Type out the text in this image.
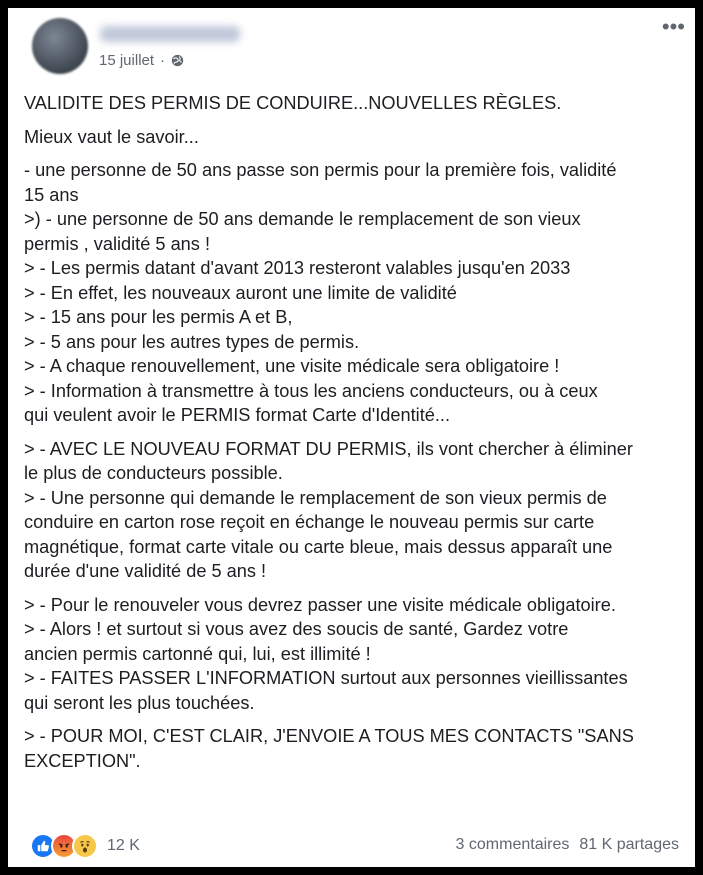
15 juillet ·
•••

VALIDITE DES PERMIS DE CONDUIRE...NOUVELLES RÈGLES.

Mieux vaut le savoir...

- une personne de 50 ans passe son permis pour la première fois, validité
15 ans
>) - une personne de 50 ans demande le remplacement de son vieux
permis , validité 5 ans !
> - Les permis datant d'avant 2013 resteront valables jusqu'en 2033
> - En effet, les nouveaux auront une limite de validité
> - 15 ans pour les permis A et B,
> - 5 ans pour les autres types de permis.
> - A chaque renouvellement, une visite médicale sera obligatoire !
> - Information à transmettre à tous les anciens conducteurs, ou à ceux
qui veulent avoir le PERMIS format Carte d'Identité...

> - AVEC LE NOUVEAU FORMAT DU PERMIS, ils vont chercher à éliminer
le plus de conducteurs possible.
> - Une personne qui demande le remplacement de son vieux permis de
conduire en carton rose reçoit en échange le nouveau permis sur carte
magnétique, format carte vitale ou carte bleue, mais dessus apparaît une
durée d'une validité de 5 ans !

> - Pour le renouveler vous devrez passer une visite médicale obligatoire.
> - Alors ! et surtout si vous avez des soucis de santé, Gardez votre
ancien permis cartonné qui, lui, est illimité !
> - FAITES PASSER L'INFORMATION surtout aux personnes vieillissantes
qui seront les plus touchées.

> - POUR MOI, C'EST CLAIR, J'ENVOIE A TOUS MES CONTACTS "SANS
EXCEPTION".

12 K	3 commentaires 81 K partages
